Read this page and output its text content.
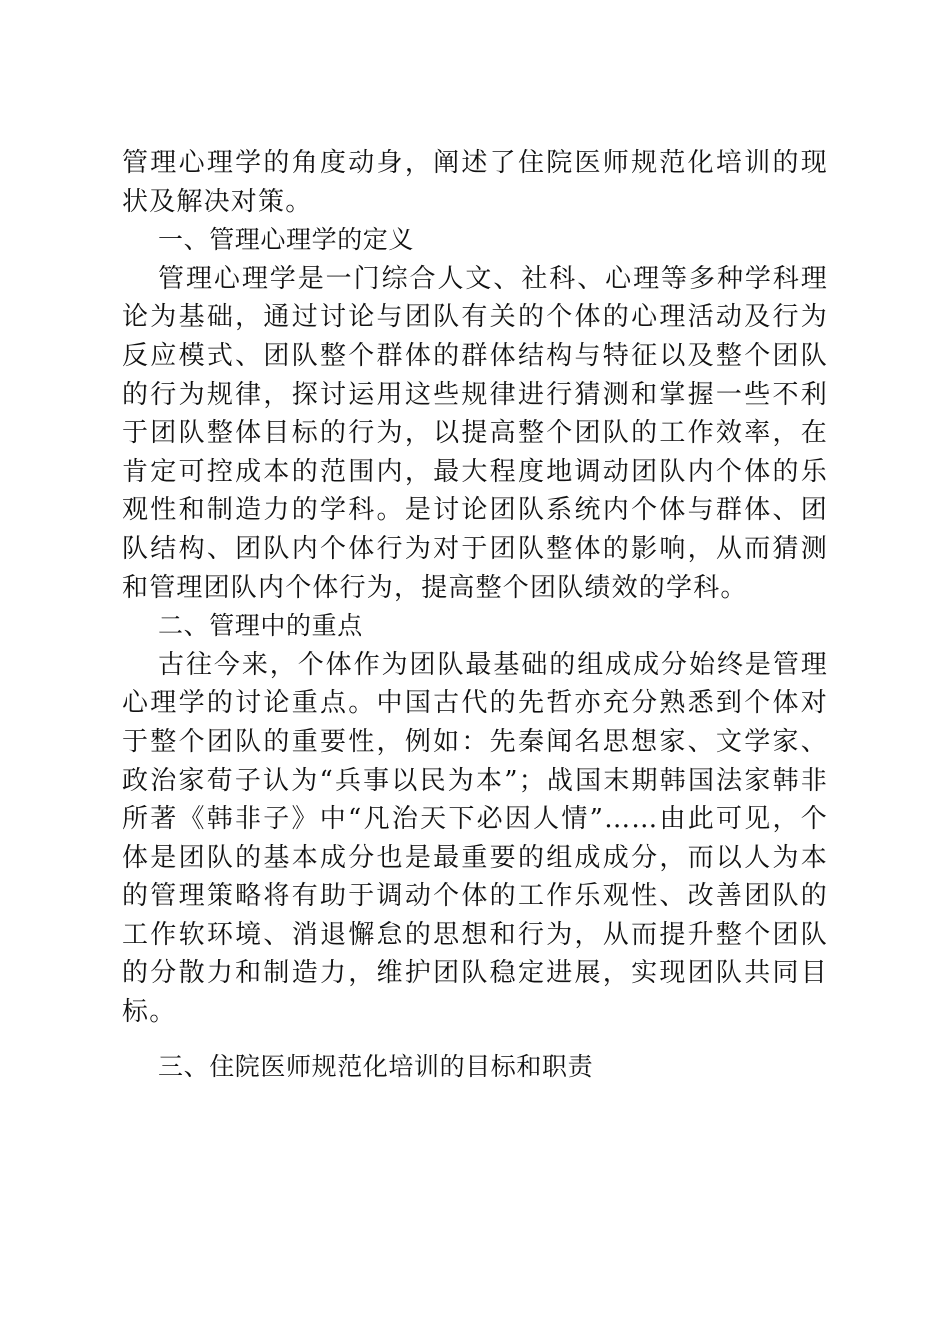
管理心理学的角度动身，阐述了住院医师规范化培训的现状及解决对策。

一、管理心理学的定义

管理心理学是一门综合人文、社科、心理等多种学科理论为基础，通过讨论与团队有关的个体的心理活动及行为反应模式、团队整个群体的群体结构与特征以及整个团队的行为规律，探讨运用这些规律进行猜测和掌握一些不利于团队整体目标的行为，以提高整个团队的工作效率，在肯定可控成本的范围内，最大程度地调动团队内个体的乐观性和制造力的学科。是讨论团队系统内个体与群体、团队结构、团队内个体行为对于团队整体的影响，从而猜测和管理团队内个体行为，提高整个团队绩效的学科。

二、管理中的重点

古往今来，个体作为团队最基础的组成成分始终是管理心理学的讨论重点。中国古代的先哲亦充分熟悉到个体对于整个团队的重要性，例如：先秦闻名思想家、文学家、政治家荀子认为“兵事以民为本”；战国末期韩国法家韩非所著《韩非子》中“凡治天下必因人情”……由此可见，个体是团队的基本成分也是最重要的组成成分，而以人为本的管理策略将有助于调动个体的工作乐观性、改善团队的工作软环境、消退懈怠的思想和行为，从而提升整个团队的分散力和制造力，维护团队稳定进展，实现团队共同目标。

三、住院医师规范化培训的目标和职责
